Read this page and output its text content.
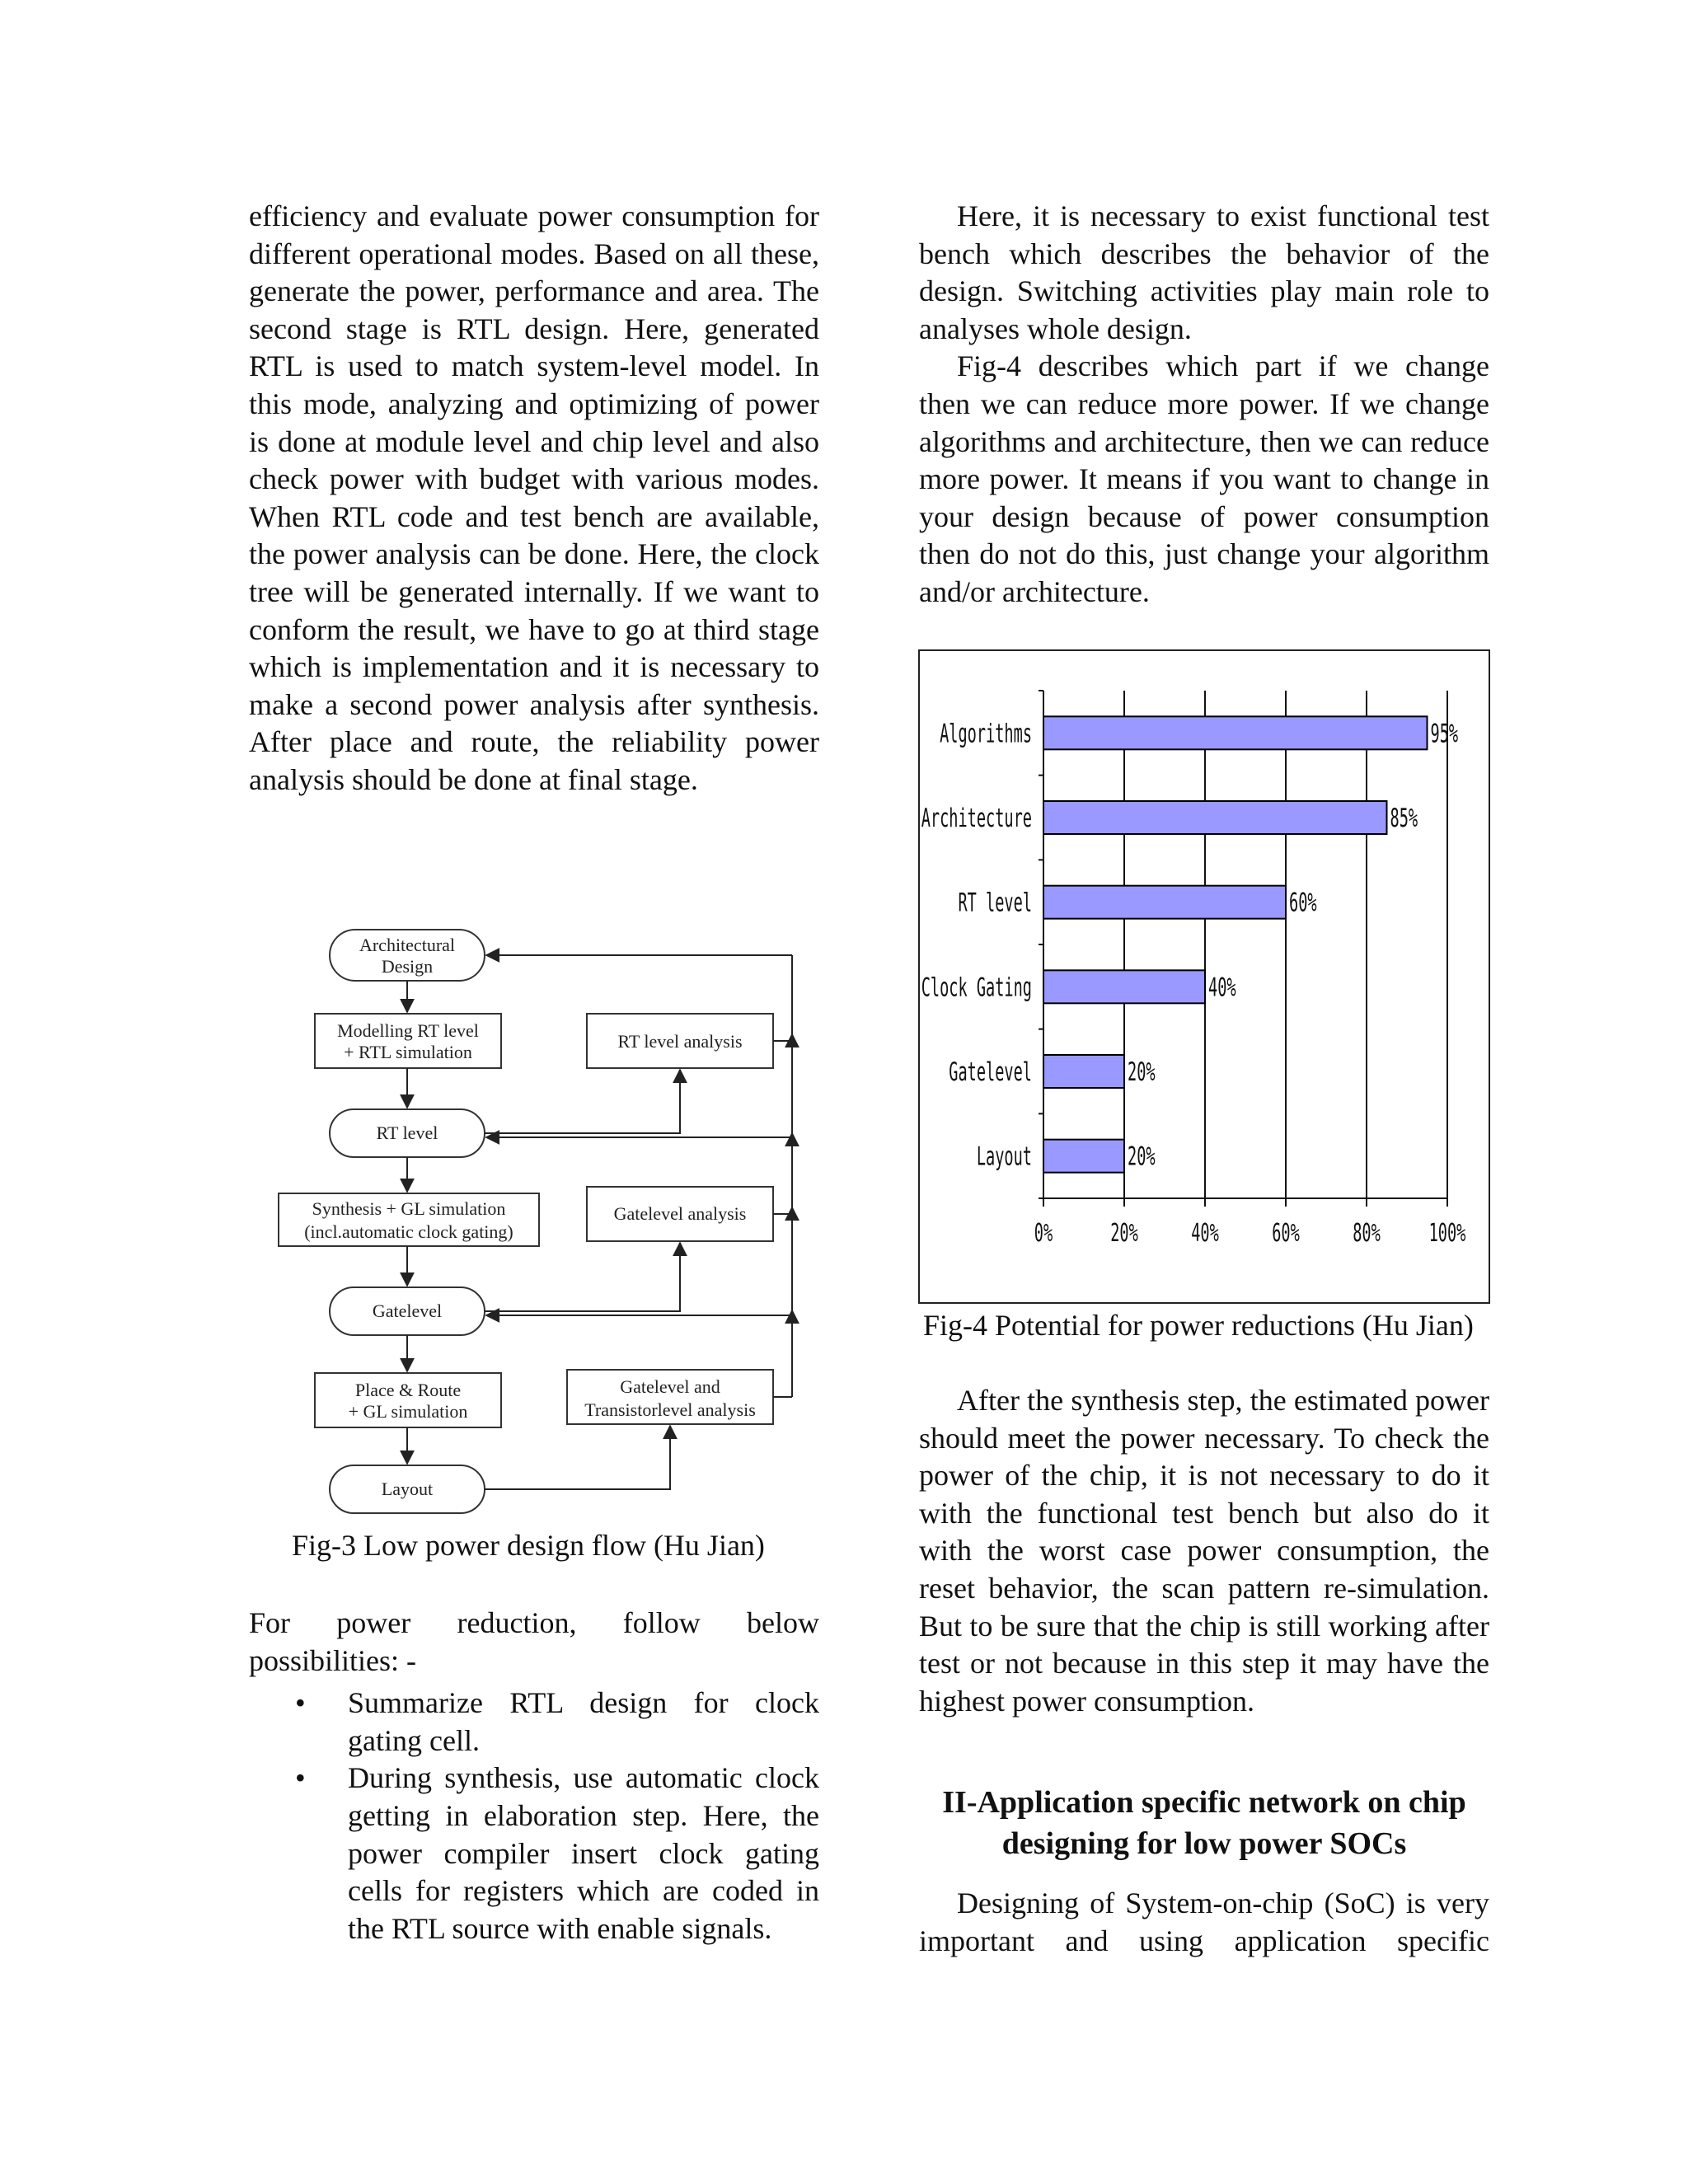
efficiency and evaluate power consumption for different operational modes. Based on all these, generate the power, performance and area. The second stage is RTL design. Here, generated RTL is used to match system-level model. In this mode, analyzing and optimizing of power is done at module level and chip level and also check power with budget with various modes. When RTL code and test bench are available, the power analysis can be done. Here, the clock tree will be generated internally. If we want to conform the result, we have to go at third stage which is implementation and it is necessary to make a second power analysis after synthesis. After place and route, the reliability power analysis should be done at final stage.

Here, it is necessary to exist functional test bench which describes the behavior of the design. Switching activities play main role to analyses whole design.

Fig-4 describes which part if we change then we can reduce more power. If we change algorithms and architecture, then we can reduce more power. It means if you want to change in your design because of power consumption then do not do this, just change your algorithm and/or architecture.

Architectural
Design
Modelling RT level
+ RTL simulation
RT level analysis
RT level
Synthesis + GL simulation
(incl.automatic clock gating)
Gatelevel analysis
Gatelevel
Place & Route
+ GL simulation
Gatelevel and
Transistorlevel analysis
Layout
Fig-3 Low power design flow (Hu Jian)
0% 20% 40% 60% 80% 100%
Algorithms	95%
Architecture	85%
RT level	60%
Clock Gating	40%
Gatelevel	20%
Layout	20%
Fig-4 Potential for power reductions (Hu Jian)

For power reduction, follow below possibilities: -

• Summarize RTL design for clock gating cell.
• During synthesis, use automatic clock getting in elaboration step. Here, the power compiler insert clock gating cells for registers which are coded in the RTL source with enable signals.

After the synthesis step, the estimated power should meet the power necessary. To check the power of the chip, it is not necessary to do it with the functional test bench but also do it with the worst case power consumption, the reset behavior, the scan pattern re-simulation. But to be sure that the chip is still working after test or not because in this step it may have the highest power consumption.

II-Application specific network on chip designing for low power SOCs

Designing of System-on-chip (SoC) is very important and using application specific
